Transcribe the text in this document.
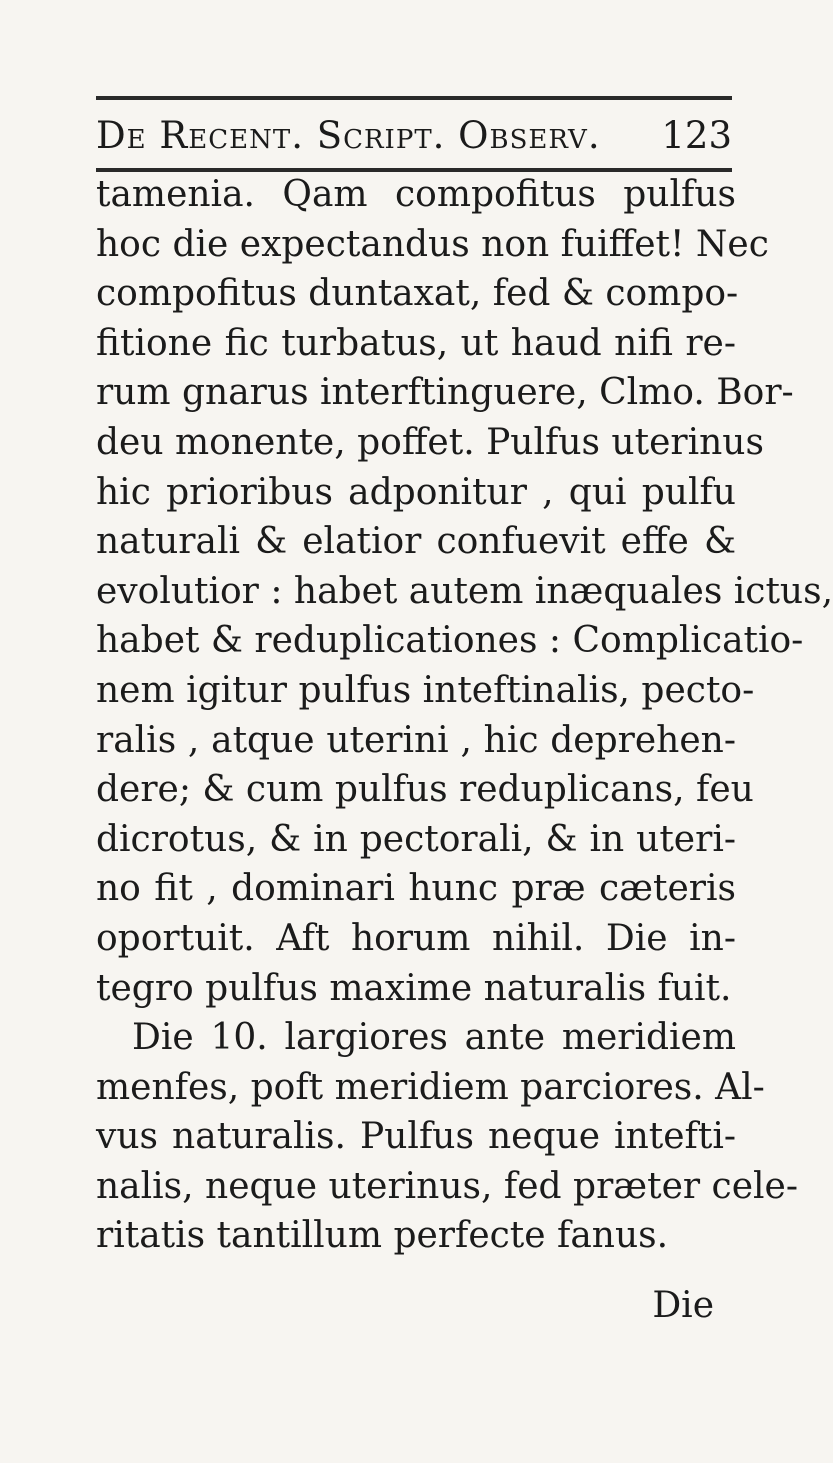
De Recent. Script. Observ. 123
tamenia. Qam compofitus pulfus
hoc die expectandus non fuiffet! Nec
compofitus duntaxat, fed & compo-
fitione fic turbatus, ut haud nifi re-
rum gnarus interftinguere, Clmo. Bor-
deu monente, poffet. Pulfus uterinus
hic prioribus adponitur , qui pulfu
naturali & elatior confuevit effe &
evolutior : habet autem inæquales ictus,
habet & reduplicationes : Complicatio-
nem igitur pulfus inteftinalis, pecto-
ralis , atque uterini , hic deprehen-
dere; & cum pulfus reduplicans, feu
dicrotus, & in pectorali, & in uteri-
no fit , dominari hunc præ cæteris
oportuit. Aft horum nihil. Die in-
tegro pulfus maxime naturalis fuit.
Die 10. largiores ante meridiem
menfes, poft meridiem parciores. Al-
vus naturalis. Pulfus neque intefti-
nalis, neque uterinus, fed præter cele-
ritatis tantillum perfecte fanus.
Die
